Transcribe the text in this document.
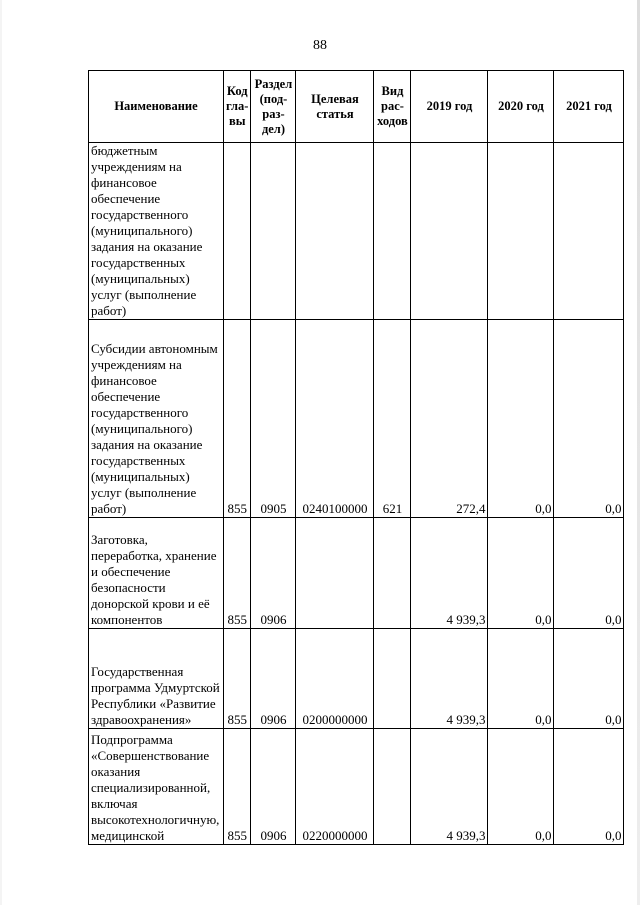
88
Наименование	Код гла- вы	Раздел (под- раз- дел)	Целевая статья	Вид рас- ходов	2019 год	2020 год	2021 год
бюджетным учреждениям на финансовое обеспечение государственного (муниципального) задания на оказание государственных (муниципальных) услуг (выполнение работ)							
Субсидии автономным учреждениям на финансовое обеспечение государственного (муниципального) задания на оказание государственных (муниципальных) услуг (выполнение работ)	855	0905	0240100000	621	272,4	0,0	0,0
Заготовка, переработка, хранение и обеспечение безопасности донорской крови и её компонентов	855	0906			4 939,3	0,0	0,0
Государственная программа Удмуртской Республики «Развитие здравоохранения»	855	0906	0200000000		4 939,3	0,0	0,0
Подпрограмма «Совершенствование оказания специализированной, включая высокотехнологичную, медицинской	855	0906	0220000000		4 939,3	0,0	0,0
